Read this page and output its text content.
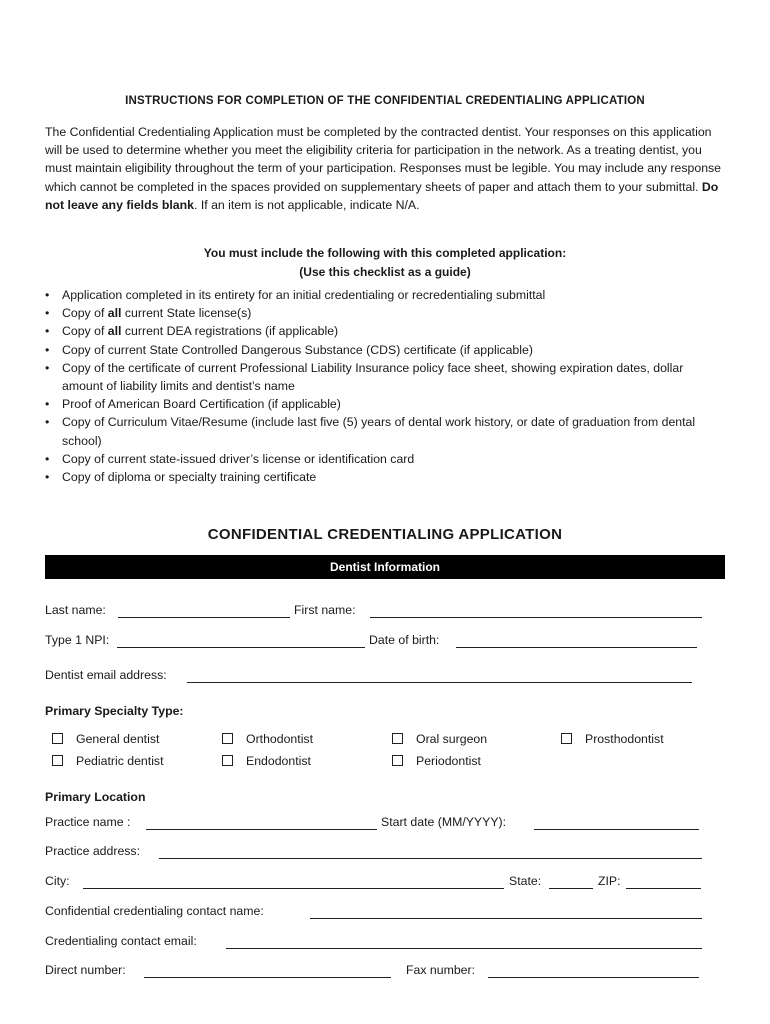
INSTRUCTIONS FOR COMPLETION OF THE CONFIDENTIAL CREDENTIALING APPLICATION
The Confidential Credentialing Application must be completed by the contracted dentist. Your responses on this application will be used to determine whether you meet the eligibility criteria for participation in the network. As a treating dentist, you must maintain eligibility throughout the term of your participation. Responses must be legible. You may include any response which cannot be completed in the spaces provided on supplementary sheets of paper and attach them to your submittal. Do not leave any fields blank. If an item is not applicable, indicate N/A.
You must include the following with this completed application:
(Use this checklist as a guide)
• Application completed in its entirety for an initial credentialing or recredentialing submittal
• Copy of all current State license(s)
• Copy of all current DEA registrations (if applicable)
• Copy of current State Controlled Dangerous Substance (CDS) certificate (if applicable)
• Copy of the certificate of current Professional Liability Insurance policy face sheet, showing expiration dates, dollar amount of liability limits and dentist’s name
• Proof of American Board Certification (if applicable)
• Copy of Curriculum Vitae/Resume (include last five (5) years of dental work history, or date of graduation from dental school)
• Copy of current state-issued driver’s license or identification card
• Copy of diploma or specialty training certificate
CONFIDENTIAL CREDENTIALING APPLICATION
Dentist Information
Last name:	First name:
Type 1 NPI:	Date of birth:
Dentist email address:
Primary Specialty Type:
General dentist	Orthodontist	Oral surgeon	Prosthodontist
Pediatric dentist	Endodontist	Periodontist
Primary Location
Practice name :	Start date (MM/YYYY):
Practice address:
City:	State:	ZIP:
Confidential credentialing contact name:
Credentialing contact email:
Direct number:	Fax number:
